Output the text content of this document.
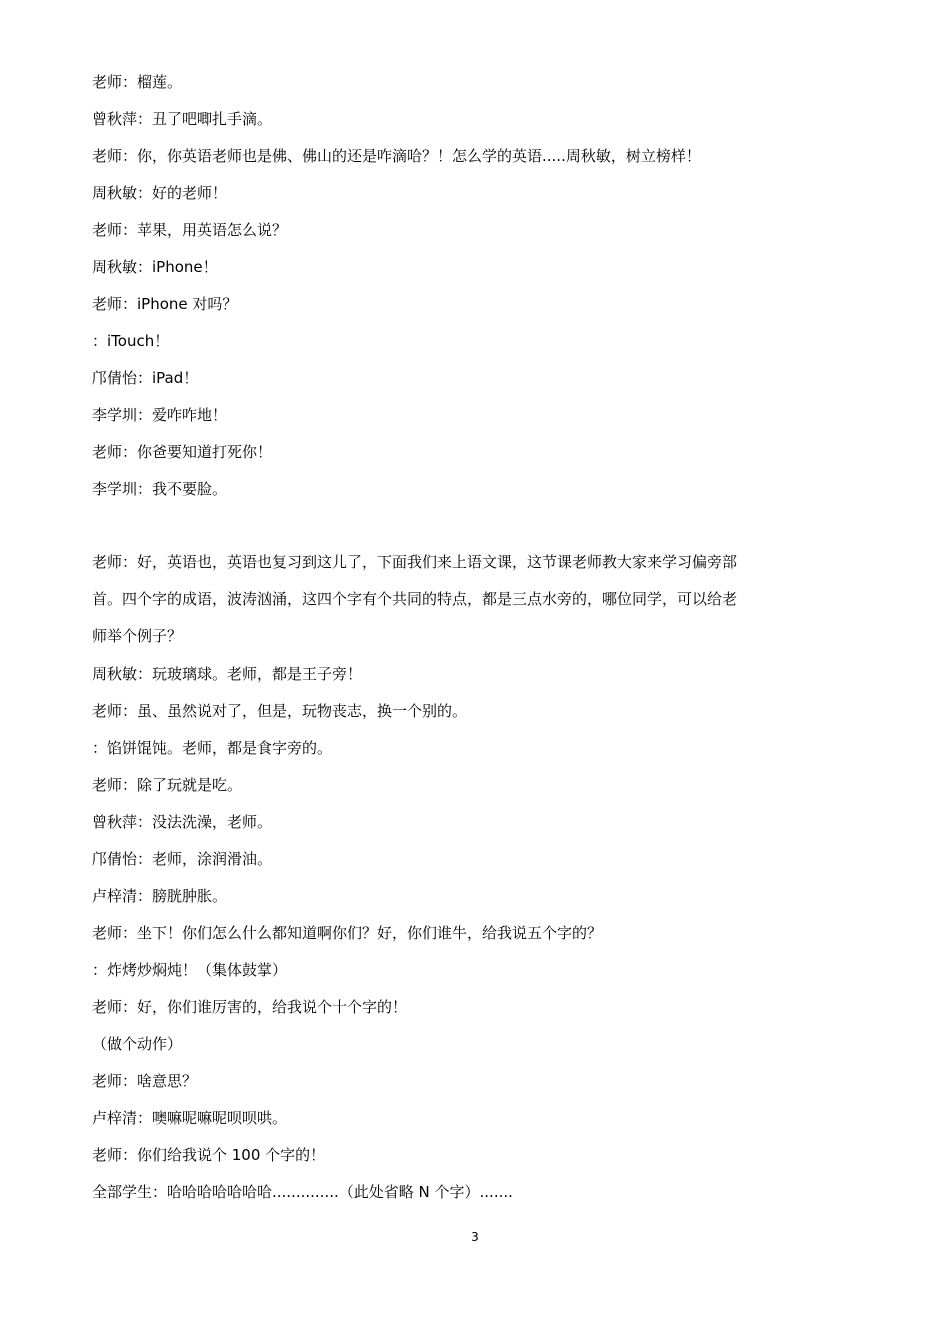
老师：榴莲。
曾秋萍：丑了吧唧扎手滴。
老师：你，你英语老师也是佛、佛山的还是咋滴哈？！怎么学的英语.....周秋敏，树立榜样！
周秋敏：好的老师！
老师：苹果，用英语怎么说？
周秋敏：iPhone！
老师：iPhone 对吗？
：iTouch！
邝倩怡：iPad！
李学圳：爱咋咋地！
老师：你爸要知道打死你！
李学圳：我不要脸。
老师：好，英语也，英语也复习到这儿了，下面我们来上语文课，这节课老师教大家来学习偏旁部
首。四个字的成语，波涛汹涌，这四个字有个共同的特点，都是三点水旁的，哪位同学，可以给老
师举个例子？
周秋敏：玩玻璃球。老师，都是王子旁！
老师：虽、虽然说对了，但是，玩物丧志，换一个别的。
：馅饼馄饨。老师，都是食字旁的。
老师：除了玩就是吃。
曾秋萍：没法洗澡，老师。
邝倩怡：老师，涂润滑油。
卢梓清：膀胱肿胀。
老师：坐下！你们怎么什么都知道啊你们？好，你们谁牛，给我说五个字的？
：炸烤炒焖炖！（集体鼓掌）
老师：好，你们谁厉害的，给我说个十个字的！
（做个动作）
老师：啥意思？
卢梓清：噢嘛呢嘛呢呗呗哄。
老师：你们给我说个 100 个字的！
全部学生：哈哈哈哈哈哈哈..............（此处省略 N 个字）.......
3
